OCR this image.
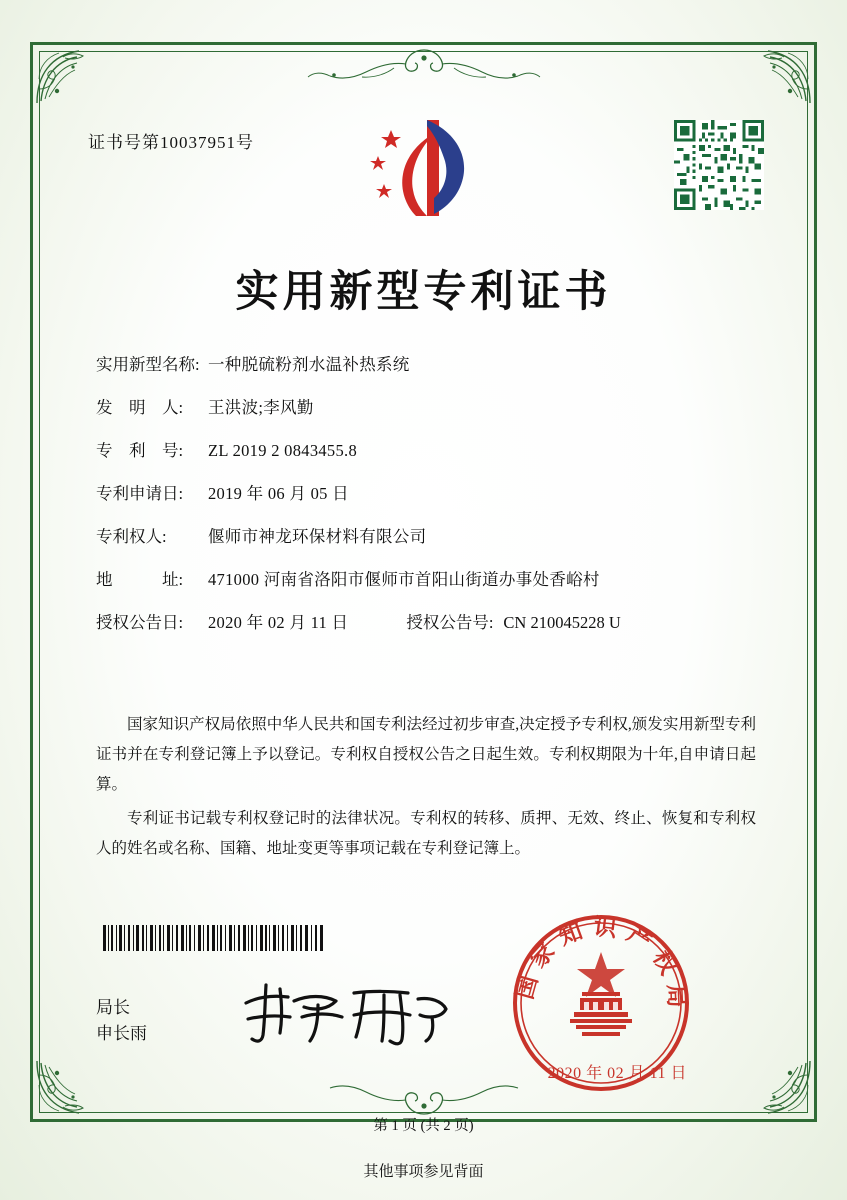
证书号第10037951号
实用新型专利证书
实用新型名称: 一种脱硫粉剂水温补热系统
发　明　人:	王洪波;李风勤
专　利　号:	ZL 2019 2 0843455.8
专利申请日:	2019 年 06 月 05 日
专利权人:	偃师市神龙环保材料有限公司
地　　　址:	471000 河南省洛阳市偃师市首阳山街道办事处香峪村
授权公告日:	2020 年 02 月 11 日	授权公告号: CN 210045228 U

国家知识产权局依照中华人民共和国专利法经过初步审查,决定授予专利权,颁发实用新型专利证书并在专利登记簿上予以登记。专利权自授权公告之日起生效。专利权期限为十年,自申请日起算。

专利证书记载专利权登记时的法律状况。专利权的转移、质押、无效、终止、恢复和专利权人的姓名或名称、国籍、地址变更等事项记载在专利登记簿上。

局长
申长雨
国家知识产权局
2020 年 02 月 11 日
第 1 页 (共 2 页)
其他事项参见背面
